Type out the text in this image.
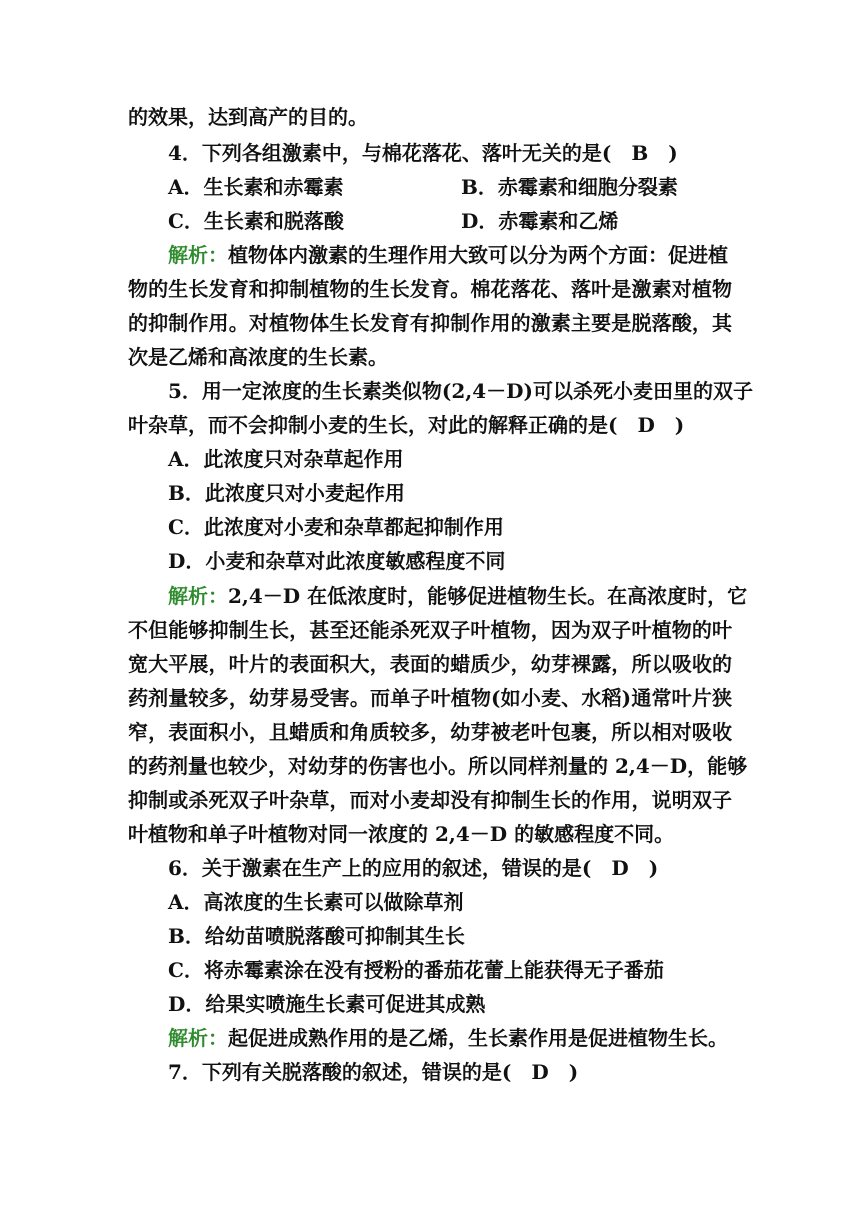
的效果，达到高产的目的。
4．下列各组激素中，与棉花落花、落叶无关的是(　B　)
A．生长素和赤霉素	B．赤霉素和细胞分裂素
C．生长素和脱落酸	D．赤霉素和乙烯
解析：植物体内激素的生理作用大致可以分为两个方面：促进植
物的生长发育和抑制植物的生长发育。棉花落花、落叶是激素对植物
的抑制作用。对植物体生长发育有抑制作用的激素主要是脱落酸，其
次是乙烯和高浓度的生长素。
5．用一定浓度的生长素类似物(2,4－D)可以杀死小麦田里的双子
叶杂草，而不会抑制小麦的生长，对此的解释正确的是(　D　)
A．此浓度只对杂草起作用
B．此浓度只对小麦起作用
C．此浓度对小麦和杂草都起抑制作用
D．小麦和杂草对此浓度敏感程度不同
解析：2,4－D 在低浓度时，能够促进植物生长。在高浓度时，它
不但能够抑制生长，甚至还能杀死双子叶植物，因为双子叶植物的叶
宽大平展，叶片的表面积大，表面的蜡质少，幼芽裸露，所以吸收的
药剂量较多，幼芽易受害。而单子叶植物(如小麦、水稻)通常叶片狭
窄，表面积小，且蜡质和角质较多，幼芽被老叶包裹，所以相对吸收
的药剂量也较少，对幼芽的伤害也小。所以同样剂量的 2,4－D，能够
抑制或杀死双子叶杂草，而对小麦却没有抑制生长的作用，说明双子
叶植物和单子叶植物对同一浓度的 2,4－D 的敏感程度不同。
6．关于激素在生产上的应用的叙述，错误的是(　D　)
A．高浓度的生长素可以做除草剂
B．给幼苗喷脱落酸可抑制其生长
C．将赤霉素涂在没有授粉的番茄花蕾上能获得无子番茄
D．给果实喷施生长素可促进其成熟
解析：起促进成熟作用的是乙烯，生长素作用是促进植物生长。
7．下列有关脱落酸的叙述，错误的是(　D　)
